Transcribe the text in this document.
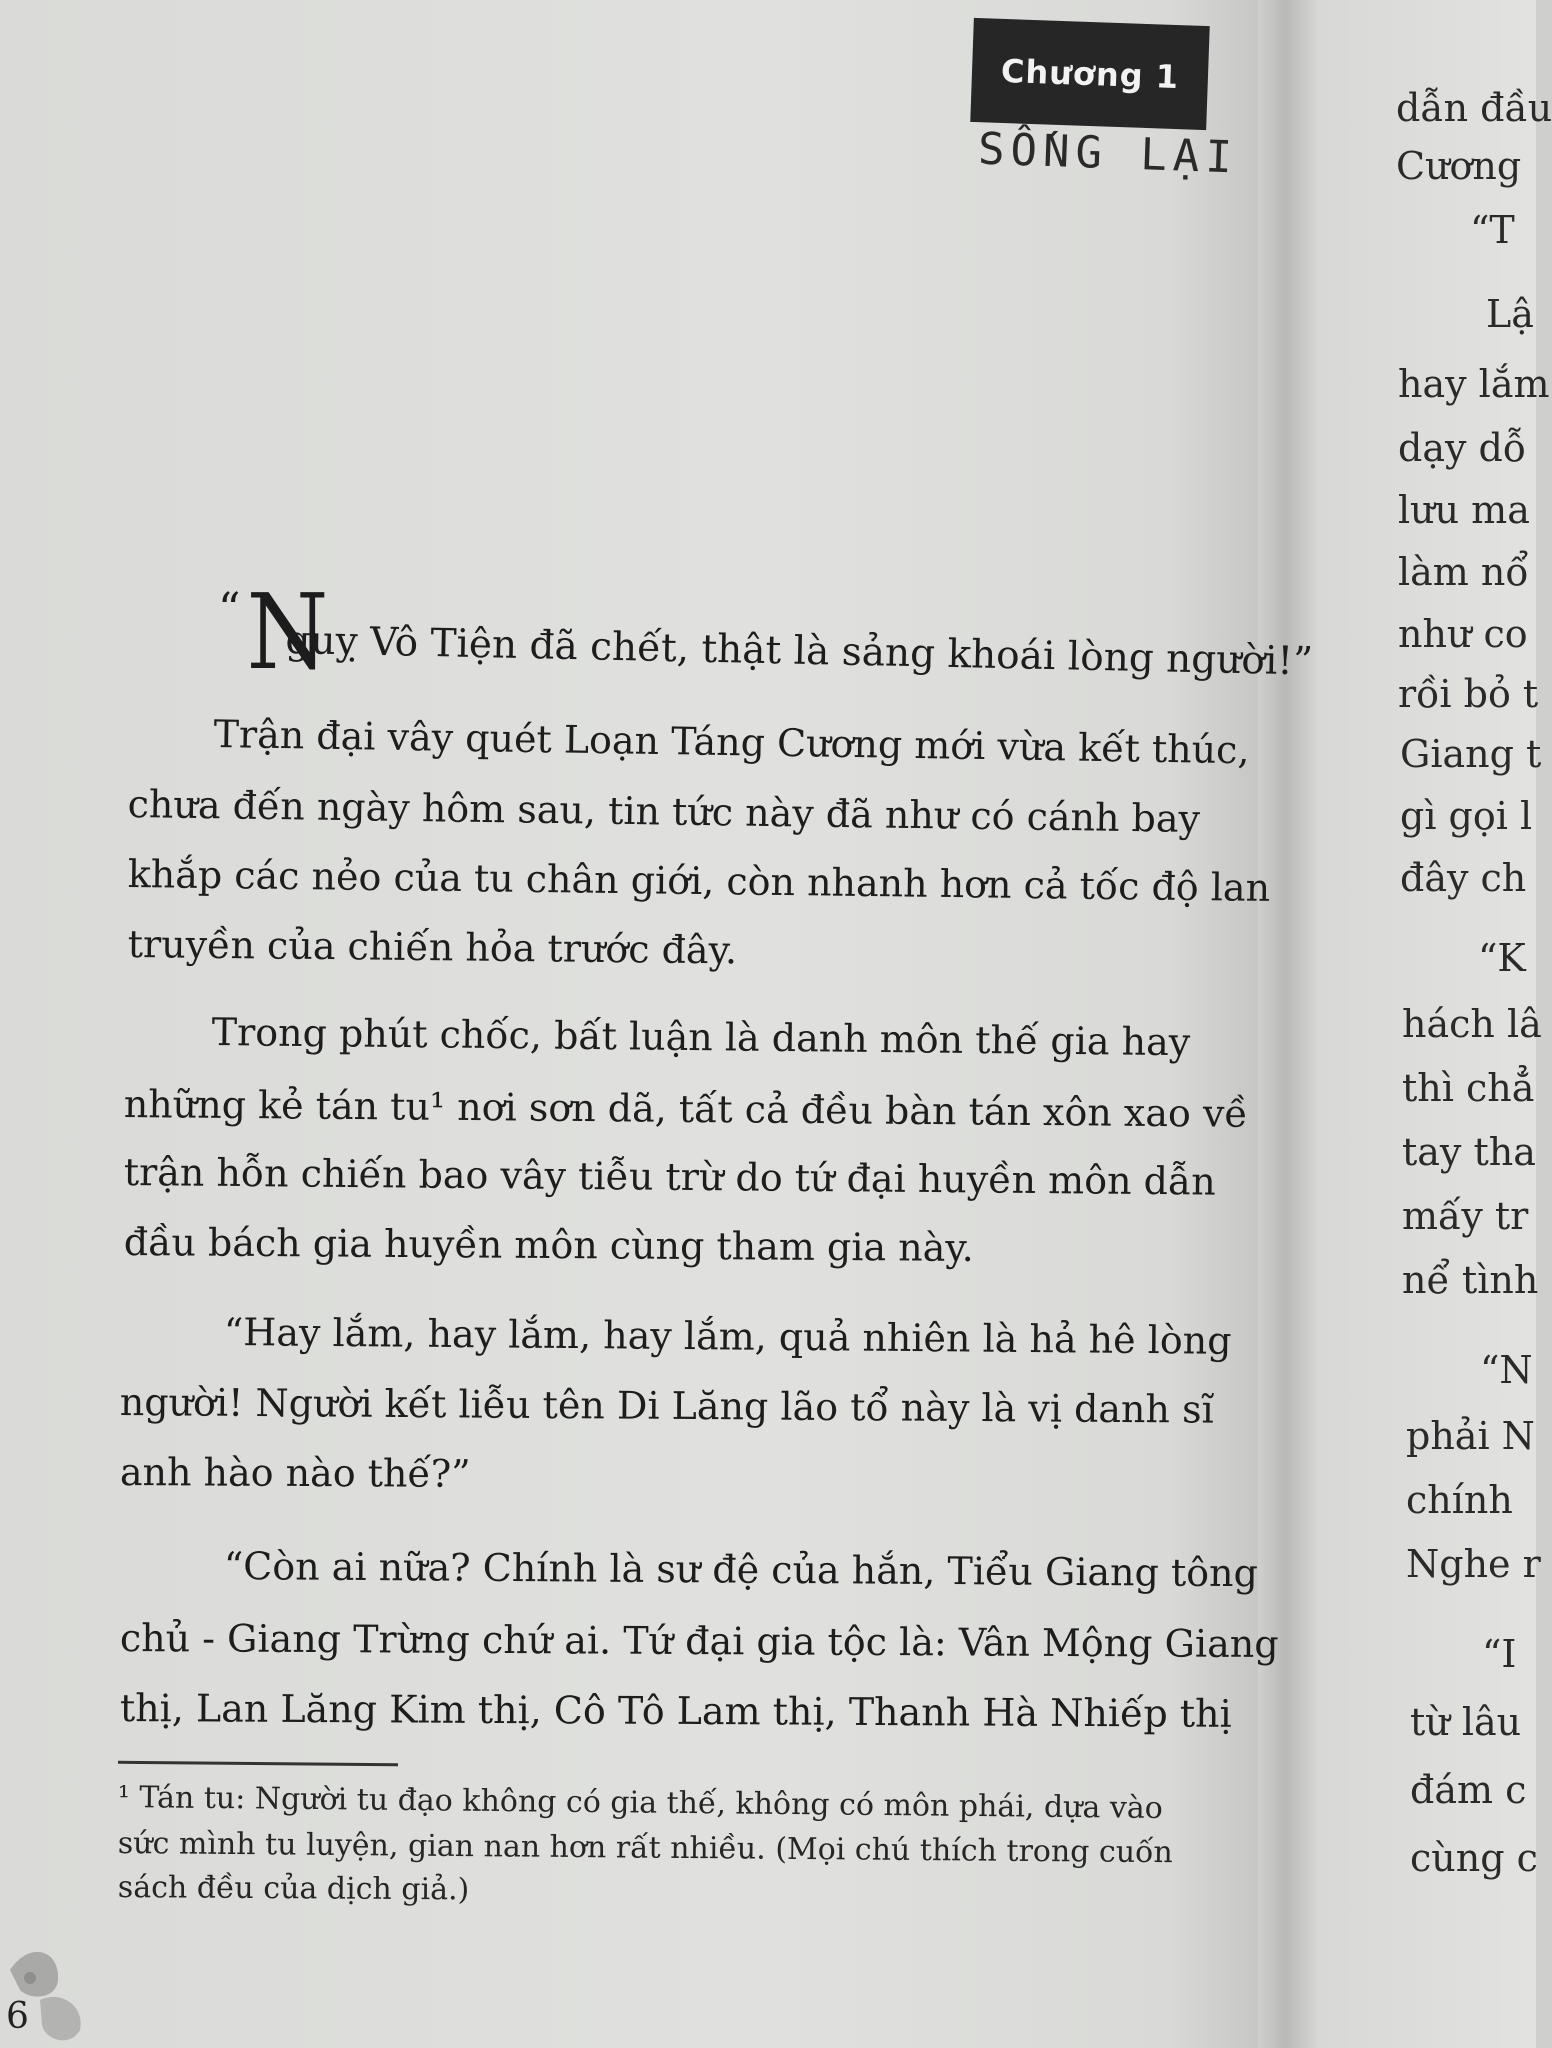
Chương 1
SỐNG LẠI
“ N
guỵ Vô Tiện đã chết, thật là sảng khoái lòng người!”
Trận đại vây quét Loạn Táng Cương mới vừa kết thúc,
chưa đến ngày hôm sau, tin tức này đã như có cánh bay
khắp các nẻo của tu chân giới, còn nhanh hơn cả tốc độ lan
truyền của chiến hỏa trước đây.
Trong phút chốc, bất luận là danh môn thế gia hay
những kẻ tán tu¹ nơi sơn dã, tất cả đều bàn tán xôn xao về
trận hỗn chiến bao vây tiễu trừ do tứ đại huyền môn dẫn
đầu bách gia huyền môn cùng tham gia này.
“Hay lắm, hay lắm, hay lắm, quả nhiên là hả hê lòng
người! Người kết liễu tên Di Lăng lão tổ này là vị danh sĩ
anh hào nào thế?”
“Còn ai nữa? Chính là sư đệ của hắn, Tiểu Giang tông
chủ - Giang Trừng chứ ai. Tứ đại gia tộc là: Vân Mộng Giang
thị, Lan Lăng Kim thị, Cô Tô Lam thị, Thanh Hà Nhiếp thị
¹ Tán tu: Người tu đạo không có gia thế, không có môn phái, dựa vào
sức mình tu luyện, gian nan hơn rất nhiều. (Mọi chú thích trong cuốn
sách đều của dịch giả.)
6
dẫn đầu
Cương
“T
Lậ
hay lắm
dạy dỗ
lưu ma
làm nổ
như co
rồi bỏ t
Giang t
gì gọi l
đây ch
“K
hách lâ
thì chẳ
tay tha
mấy tr
nể tình
“N
phải N
chính
Nghe r
“I
từ lâu
đám c
cùng c
